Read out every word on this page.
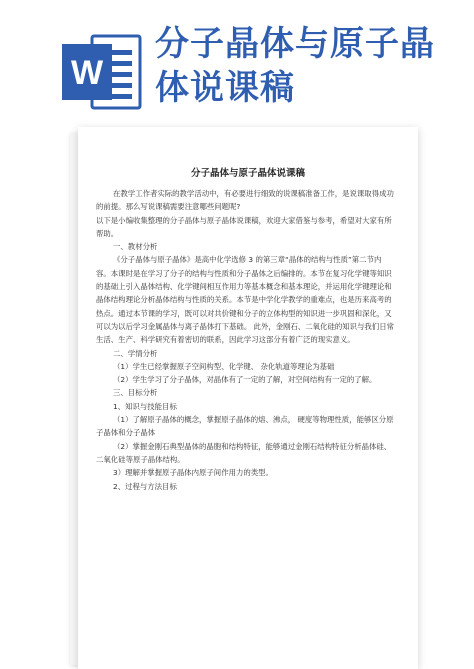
W
分子晶体与原子晶
体说课稿
分子晶体与原子晶体说课稿

在教学工作者实际的教学活动中，有必要进行细致的说课稿准备工作，是说课取得成功的前提。那么写说课稿需要注意哪些问题呢?

以下是小编收集整理的分子晶体与原子晶体说课稿，欢迎大家借鉴与参考，希望对大家有所帮助。

一、教材分析

《分子晶体与原子晶体》是高中化学选修 3 的第三章“晶体的结构与性质”第二节内容。本课时是在学习了分子的结构与性质和分子晶体之后编排的。本节在复习化学键等知识的基础上引入晶体结构、化学键间相互作用力等基本概念和基本理论，并运用化学键理论和晶体结构理论分析晶体结构与性质的关系。本节是中学化学教学的重难点，也是历来高考的热点。通过本节课的学习，既可以对共价键和分子的立体构型的知识进一步巩固和深化，又可以为以后学习金属晶体与离子晶体打下基础。 此外，金刚石、二氧化硅的知识与我们日常生活、生产、科学研究有着密切的联系，因此学习这部分有着广泛的现实意义。

二、学情分析

（1）学生已经掌握原子空间构型、化学键、 杂化轨道等理论为基础

（2）学生学习了分子晶体，对晶体有了一定的了解，对空间结构有一定的了解。

三、目标分析

1、知识与技能目标

（1）了解原子晶体的概念，掌握原子晶体的熔、沸点， 硬度等物理性质，能够区分原子晶体和分子晶体

（2）掌握金刚石典型晶体的晶胞和结构特征，能够通过金刚石结构特征分析晶体硅、二氧化硅等原子晶体结构。

3）理解并掌握原子晶体内原子间作用力的类型。

2、过程与方法目标
